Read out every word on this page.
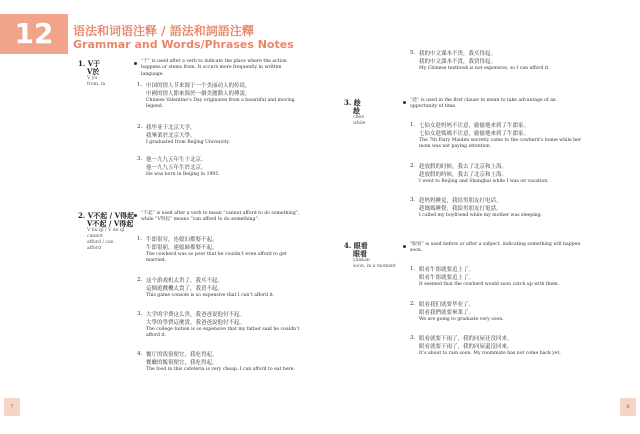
12	语法和词语注释 / 語法和詞語注釋
Grammar and Words/Phrases Notes
1. V于
V於
V yú
from, in
“于” is used after a verb to indicate the place where the action happens or stems from. It occurs more frequently in written language.
1. 中国的情人节来源于一个美丽动人的传说。
中國的情人節來源於一個美麗動人的傳說。
Chinese Valentine’s Day originates from a beautiful and moving legend.
2. 我毕业于北京大学。
我畢業於北京大學。
I graduated from Beijing University.
3. 他一九九五年生于北京。
他一九九五年生於北京。
He was born in Beijing in 1995.
2. V不起 / V得起
V不起 / V得起
V bu qǐ / V de qǐ
cannot afford / can afford
“不起” is used after a verb to mean “cannot afford to do something”, while “V得起” means “can afford to do something”.
1. 牛郎很穷，连媳妇都娶不起。
牛郎很窮，連媳婦都娶不起。
The cowherd was so poor that he couldn’t even afford to get married.
2. 这个游戏机太贵了，我买不起。
這個遊戲機太貴了，我買不起。
This game console is so expensive that I can’t afford it.
3. 大学的学费这么贵，我爸爸说他付不起。
大學的學費這麼貴，我爸爸說他付不起。
The college tuition is so expensive that my father said he couldn’t afford it.
4. 餐厅的饭很便宜，我吃得起。
餐廳的飯很便宜，我吃得起。
The food in this cafeteria is very cheap. I can afford to eat here.
5. 我的中文课本不贵，我买得起。
我的中文課本不貴，我買得起。
My Chinese textbook is not expensive, so I can afford it.
3. 趁
趁
chèn
while
“趁” is used in the first clause to mean to take advantage of an opportunity of time.
1. 七仙女趁妈妈不注意，偷偷地来到了牛郎家。
七仙女趁媽媽不注意，偷偷地來到了牛郎家。
The 7th Fairy Maiden secretly came to the cowherd’s home while her mom was not paying attention.
2. 趁放假的时候，我去了北京和上海。
趁放假的時候，我去了北京和上海。
I went to Beijing and Shanghai while I was on vacation.
3. 趁妈妈睡觉，我给男朋友打电话。
趁媽媽睡覺，我給男朋友打電話。
I called my boyfriend while my mother was sleeping.
4. 眼看
眼看
yǎnkàn
soon, in a moment
“眼看” is used before or after a subject, indicating something will happen soon.
1. 眼看牛郎就要追上了。
眼看牛郎就要追上了。
It seemed that the cowherd would soon catch up with them.
2. 眼看我们就要毕业了。
眼看我們就要畢業了。
We are going to graduate very soon.
3. 眼看就要下雨了，我的同屋还没回来。
眼看就要下雨了，我的同屋還沒回來。
It’s about to rain soon. My roommate has not come back yet.
7	8
